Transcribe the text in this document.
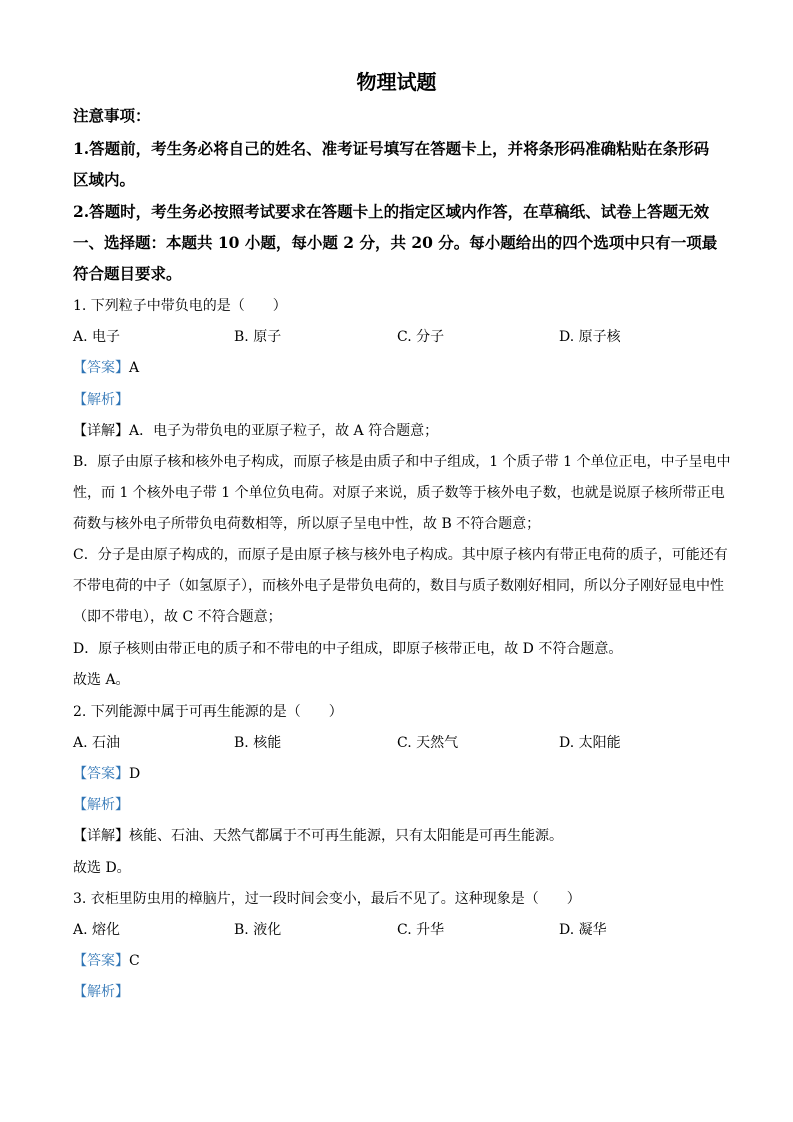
物理试题
注意事项：
1.答题前，考生务必将自己的姓名、准考证号填写在答题卡上，并将条形码准确粘贴在条形码
区域内。
2.答题时，考生务必按照考试要求在答题卡上的指定区域内作答，在草稿纸、试卷上答题无效
一、选择题：本题共 10 小题，每小题 2 分，共 20 分。每小题给出的四个选项中只有一项最
符合题目要求。
1. 下列粒子中带负电的是（　　）
A. 电子	B. 原子	C. 分子	D. 原子核
【答案】A
【解析】
【详解】A．电子为带负电的亚原子粒子，故 A 符合题意；
B．原子由原子核和核外电子构成，而原子核是由质子和中子组成，1 个质子带 1 个单位正电，中子呈电中
性，而 1 个核外电子带 1 个单位负电荷。对原子来说，质子数等于核外电子数，也就是说原子核所带正电
荷数与核外电子所带负电荷数相等，所以原子呈电中性，故 B 不符合题意；
C．分子是由原子构成的，而原子是由原子核与核外电子构成。其中原子核内有带正电荷的质子，可能还有
不带电荷的中子（如氢原子），而核外电子是带负电荷的，数目与质子数刚好相同，所以分子刚好显电中性
（即不带电），故 C 不符合题意；
D．原子核则由带正电的质子和不带电的中子组成，即原子核带正电，故 D 不符合题意。
故选 A。
2. 下列能源中属于可再生能源的是（　　）
A. 石油	B. 核能	C. 天然气	D. 太阳能
【答案】D
【解析】
【详解】核能、石油、天然气都属于不可再生能源，只有太阳能是可再生能源。
故选 D。
3. 衣柜里防虫用的樟脑片，过一段时间会变小，最后不见了。这种现象是（　　）
A. 熔化	B. 液化	C. 升华	D. 凝华
【答案】C
【解析】
